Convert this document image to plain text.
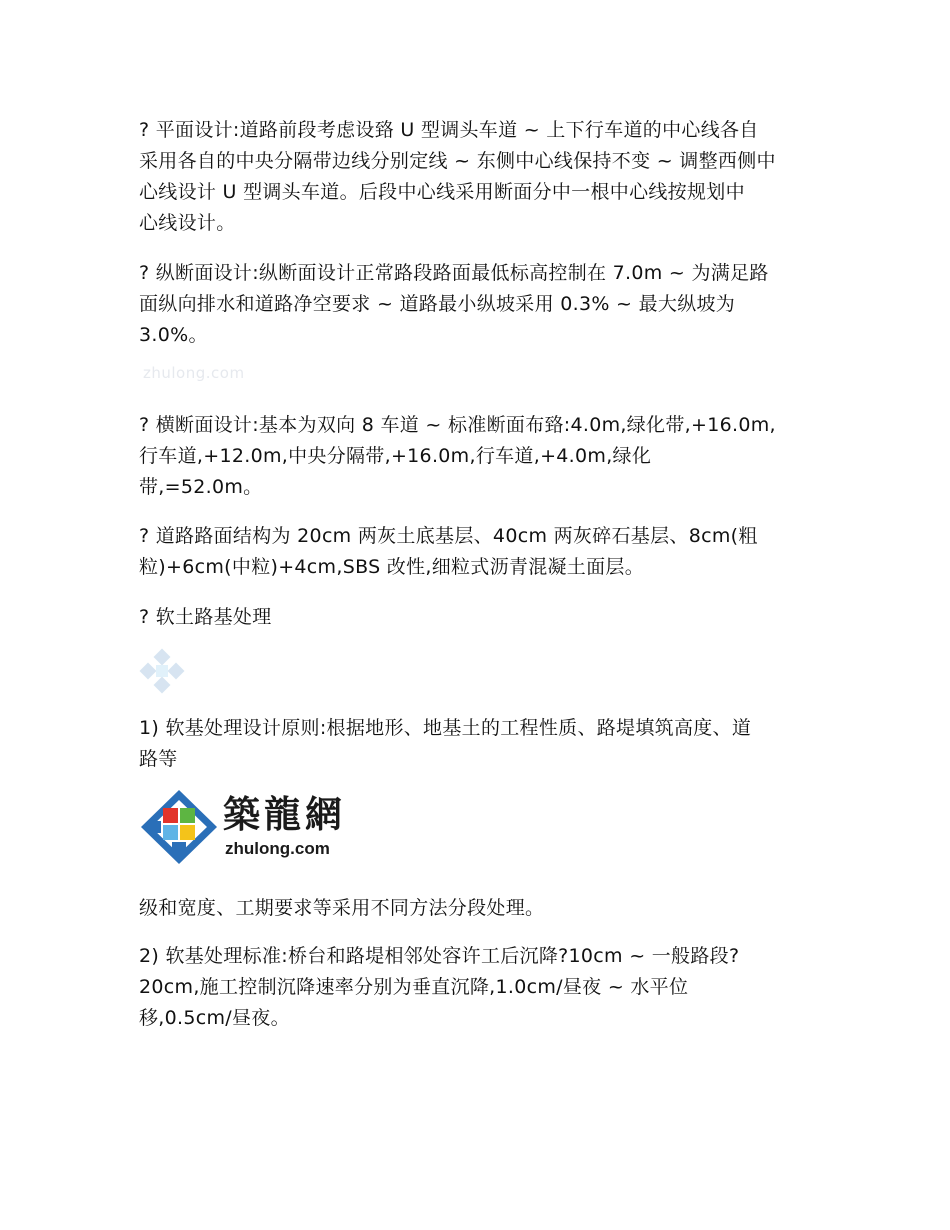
? 平面设计:道路前段考虑设臵 U 型调头车道 ~ 上下行车道的中心线各自
采用各自的中央分隔带边线分别定线 ~ 东侧中心线保持不变 ~ 调整西侧中
心线设计 U 型调头车道。后段中心线采用断面分中一根中心线按规划中
心线设计。
? 纵断面设计:纵断面设计正常路段路面最低标高控制在 7.0m ~ 为满足路
面纵向排水和道路净空要求 ~ 道路最小纵坡采用 0.3% ~ 最大纵坡为
3.0%。
zhulong.com
? 横断面设计:基本为双向 8 车道 ~ 标准断面布臵:4.0m,绿化带,+16.0m,
行车道,+12.0m,中央分隔带,+16.0m,行车道,+4.0m,绿化
带,=52.0m。
? 道路路面结构为 20cm 两灰土底基层、40cm 两灰碎石基层、8cm(粗
粒)+6cm(中粒)+4cm,SBS 改性,细粒式沥青混凝土面层。
? 软土路基处理
1) 软基处理设计原则:根据地形、地基土的工程性质、路堤填筑高度、道
路等
築龍網
zhulong.com
级和宽度、工期要求等采用不同方法分段处理。
2) 软基处理标准:桥台和路堤相邻处容许工后沉降?10cm ~ 一般路段?
20cm,施工控制沉降速率分别为垂直沉降,1.0cm/昼夜 ~ 水平位
移,0.5cm/昼夜。
